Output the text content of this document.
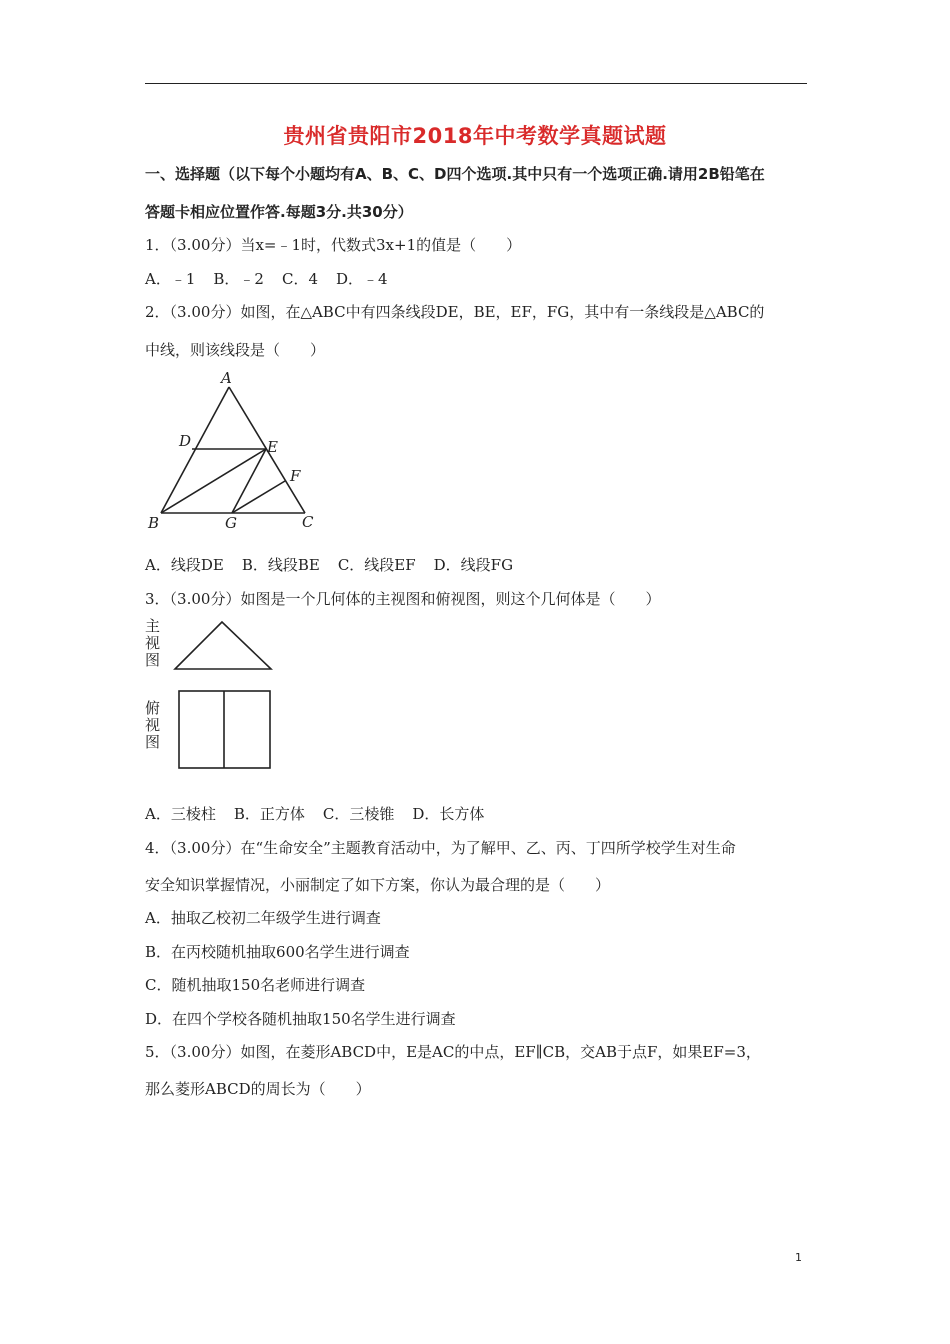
贵州省贵阳市2018年中考数学真题试题
一、选择题（以下每个小题均有A、B、C、D四个选项.其中只有一个选项正确.请用2B铅笔在
答题卡相应位置作答.每题3分.共30分）
1．（3.00分）当x=﹣1时，代数式3x+1的值是（　　）
A．﹣1 B．﹣2 C．4 D．﹣4
2．（3.00分）如图，在△ABC中有四条线段DE，BE，EF，FG，其中有一条线段是△ABC的
中线，则该线段是（　　）
A
D	E
F
B	G	C
A．线段DE B．线段BE C．线段EF D．线段FG
3．（3.00分）如图是一个几何体的主视图和俯视图，则这个几何体是（　　）
主视图
俯视图
A．三棱柱 B．正方体 C．三棱锥 D．长方体
4．（3.00分）在“生命安全”主题教育活动中，为了解甲、乙、丙、丁四所学校学生对生命
安全知识掌握情况，小丽制定了如下方案，你认为最合理的是（　　）
A．抽取乙校初二年级学生进行调查
B．在丙校随机抽取600名学生进行调查
C．随机抽取150名老师进行调查
D．在四个学校各随机抽取150名学生进行调查
5．（3.00分）如图，在菱形ABCD中，E是AC的中点，EF∥CB，交AB于点F，如果EF=3，
那么菱形ABCD的周长为（　　）
1
